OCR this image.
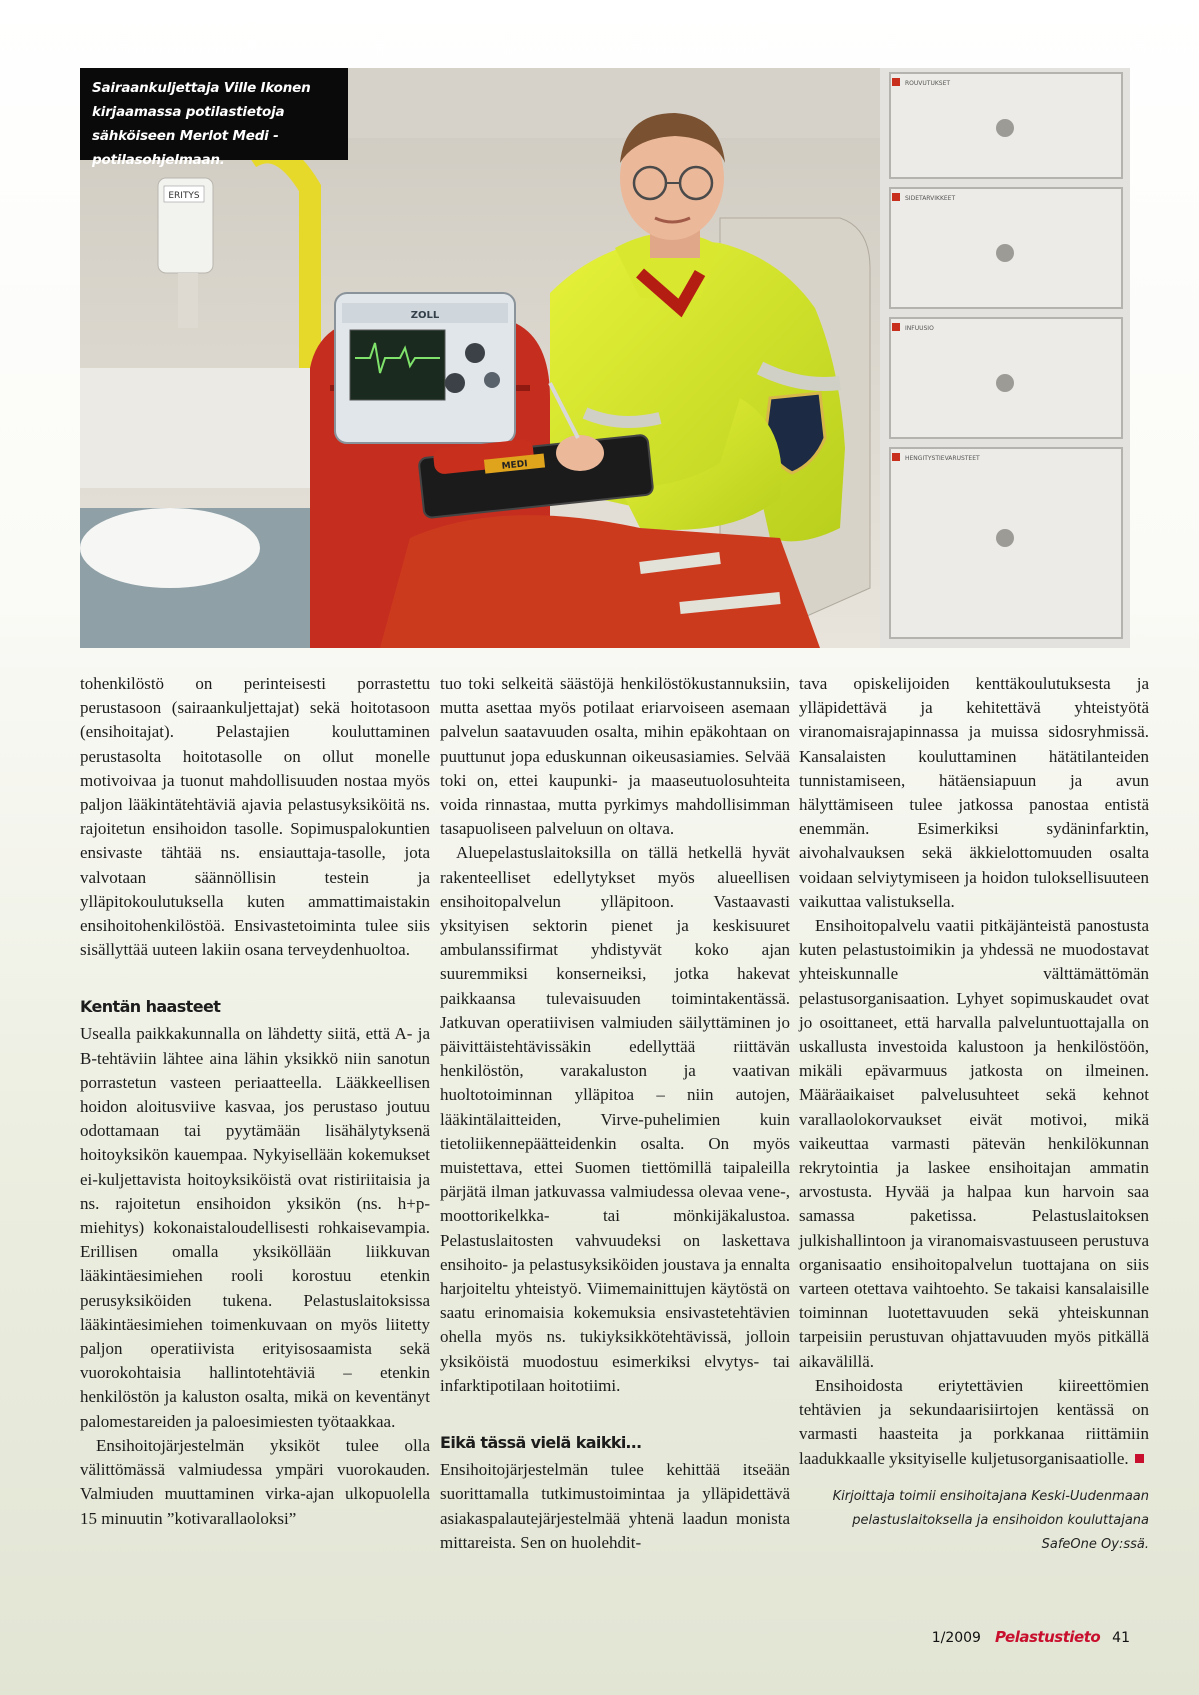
ERITYS
ZOLL
MEDI
ROUVUTUKSET
SIDETARVIKKEET
INFUUSIO
HENGITYSTIEVARUSTEET
Sairaankuljettaja Ville Ikonen kirjaamassa potilastietoja sähköiseen Merlot Medi -potilasohjelmaan.

tohenkilöstö on perinteisesti porrastettu perustasoon (sairaankuljettajat) sekä hoitotasoon (ensihoitajat). Pelastajien kouluttaminen perustasolta hoitotasolle on ollut monelle motivoivaa ja tuonut mahdollisuuden nostaa myös paljon lääkintätehtäviä ajavia pelastusyksiköitä ns. rajoitetun ensihoidon tasolle. Sopimuspalokuntien ensivaste tähtää ns. ensiauttaja-tasolle, jota valvotaan säännöllisin testein ja ylläpitokoulutuksella kuten ammattimaistakin ensihoitohenkilöstöä. Ensivastetoiminta tulee siis sisällyttää uuteen lakiin osana terveydenhuoltoa.

Kentän haasteet

Usealla paikkakunnalla on lähdetty siitä, että A- ja B-tehtäviin lähtee aina lähin yksikkö niin sanotun porrastetun vasteen periaatteella. Lääkkeellisen hoidon aloitusviive kasvaa, jos perustaso joutuu odottamaan tai pyytämään lisähälytyksenä hoitoyksikön kauempaa. Nykyisellään kokemukset ei-kuljettavista hoitoyksiköistä ovat ristiriitaisia ja ns. rajoitetun ensihoidon yksikön (ns. h+p-miehitys) kokonaistaloudellisesti rohkaisevampia. Erillisen omalla yksiköllään liikkuvan lääkintäesimiehen rooli korostuu etenkin perusyksiköiden tukena. Pelastuslaitoksissa lääkintäesimiehen toimenkuvaan on myös liitetty paljon operatiivista erityisosaamista sekä vuorokohtaisia hallintotehtäviä – etenkin henkilöstön ja kaluston osalta, mikä on keventänyt palomestareiden ja paloesimiesten työtaakkaa.

Ensihoitojärjestelmän yksiköt tulee olla välittömässä valmiudessa ympäri vuorokauden. Valmiuden muuttaminen virka-ajan ulkopuolella 15 minuutin ”kotivarallaoloksi”

tuo toki selkeitä säästöjä henkilöstökustannuksiin, mutta asettaa myös potilaat eriarvoiseen asemaan palvelun saatavuuden osalta, mihin epäkohtaan on puuttunut jopa eduskunnan oikeusasiamies. Selvää toki on, ettei kaupunki- ja maaseutuolosuhteita voida rinnastaa, mutta pyrkimys mahdollisimman tasapuoliseen palveluun on oltava.

Aluepelastuslaitoksilla on tällä hetkellä hyvät rakenteelliset edellytykset myös alueellisen ensihoitopalvelun ylläpitoon. Vastaavasti yksityisen sektorin pienet ja keskisuuret ambulanssifirmat yhdistyvät koko ajan suuremmiksi konserneiksi, jotka hakevat paikkaansa tulevaisuuden toimintakentässä. Jatkuvan operatiivisen valmiuden säilyttäminen jo päivittäistehtävissäkin edellyttää riittävän henkilöstön, varakaluston ja vaativan huoltotoiminnan ylläpitoa – niin autojen, lääkintälaitteiden, Virve-puhelimien kuin tietoliikennepäätteidenkin osalta. On myös muistettava, ettei Suomen tiettömillä taipaleilla pärjätä ilman jatkuvassa valmiudessa olevaa vene-, moottorikelkka- tai mönkijäkalustoa. Pelastuslaitosten vahvuudeksi on laskettava ensihoito- ja pelastusyksiköiden joustava ja ennalta harjoiteltu yhteistyö. Viimemainittujen käytöstä on saatu erinomaisia kokemuksia ensivastetehtävien ohella myös ns. tukiyksikkötehtävissä, jolloin yksiköistä muodostuu esimerkiksi elvytys- tai infarktipotilaan hoitotiimi.

Eikä tässä vielä kaikki…

Ensihoitojärjestelmän tulee kehittää itseään suorittamalla tutkimustoimintaa ja ylläpidettävä asiakaspalautejärjestelmää yhtenä laadun monista mittareista. Sen on huolehdit-

tava opiskelijoiden kenttäkoulutuksesta ja ylläpidettävä ja kehitettävä yhteistyötä viranomaisrajapinnassa ja muissa sidosryhmissä. Kansalaisten kouluttaminen hätätilanteiden tunnistamiseen, hätäensiapuun ja avun hälyttämiseen tulee jatkossa panostaa entistä enemmän. Esimerkiksi sydäninfarktin, aivohalvauksen sekä äkkielottomuuden osalta voidaan selviytymiseen ja hoidon tuloksellisuuteen vaikuttaa valistuksella.

Ensihoitopalvelu vaatii pitkäjänteistä panostusta kuten pelastustoimikin ja yhdessä ne muodostavat yhteiskunnalle välttämättömän pelastusorganisaation. Lyhyet sopimuskaudet ovat jo osoittaneet, että harvalla palveluntuottajalla on uskallusta investoida kalustoon ja henkilöstöön, mikäli epävarmuus jatkosta on ilmeinen. Määräaikaiset palvelusuhteet sekä kehnot varallaolokorvaukset eivät motivoi, mikä vaikeuttaa varmasti pätevän henkilökunnan rekrytointia ja laskee ensihoitajan ammatin arvostusta. Hyvää ja halpaa kun harvoin saa samassa paketissa. Pelastuslaitoksen julkishallintoon ja viranomaisvastuuseen perustuva organisaatio ensihoitopalvelun tuottajana on siis varteen otettava vaihtoehto. Se takaisi kansalaisille toiminnan luotettavuuden sekä yhteiskunnan tarpeisiin perustuvan ohjattavuuden myös pitkällä aikavälillä.

Ensihoidosta eriytettävien kiireettömien tehtävien ja sekundaarisiirtojen kentässä on varmasti haasteita ja porkkanaa riittämiin laadukkaalle yksityiselle kuljetusorganisaatiolle.

Kirjoittaja toimii ensihoitajana Keski-Uudenmaan pelastuslaitoksella ja ensihoidon kouluttajana SafeOne Oy:ssä.
1/2009 Pelastustieto 41
